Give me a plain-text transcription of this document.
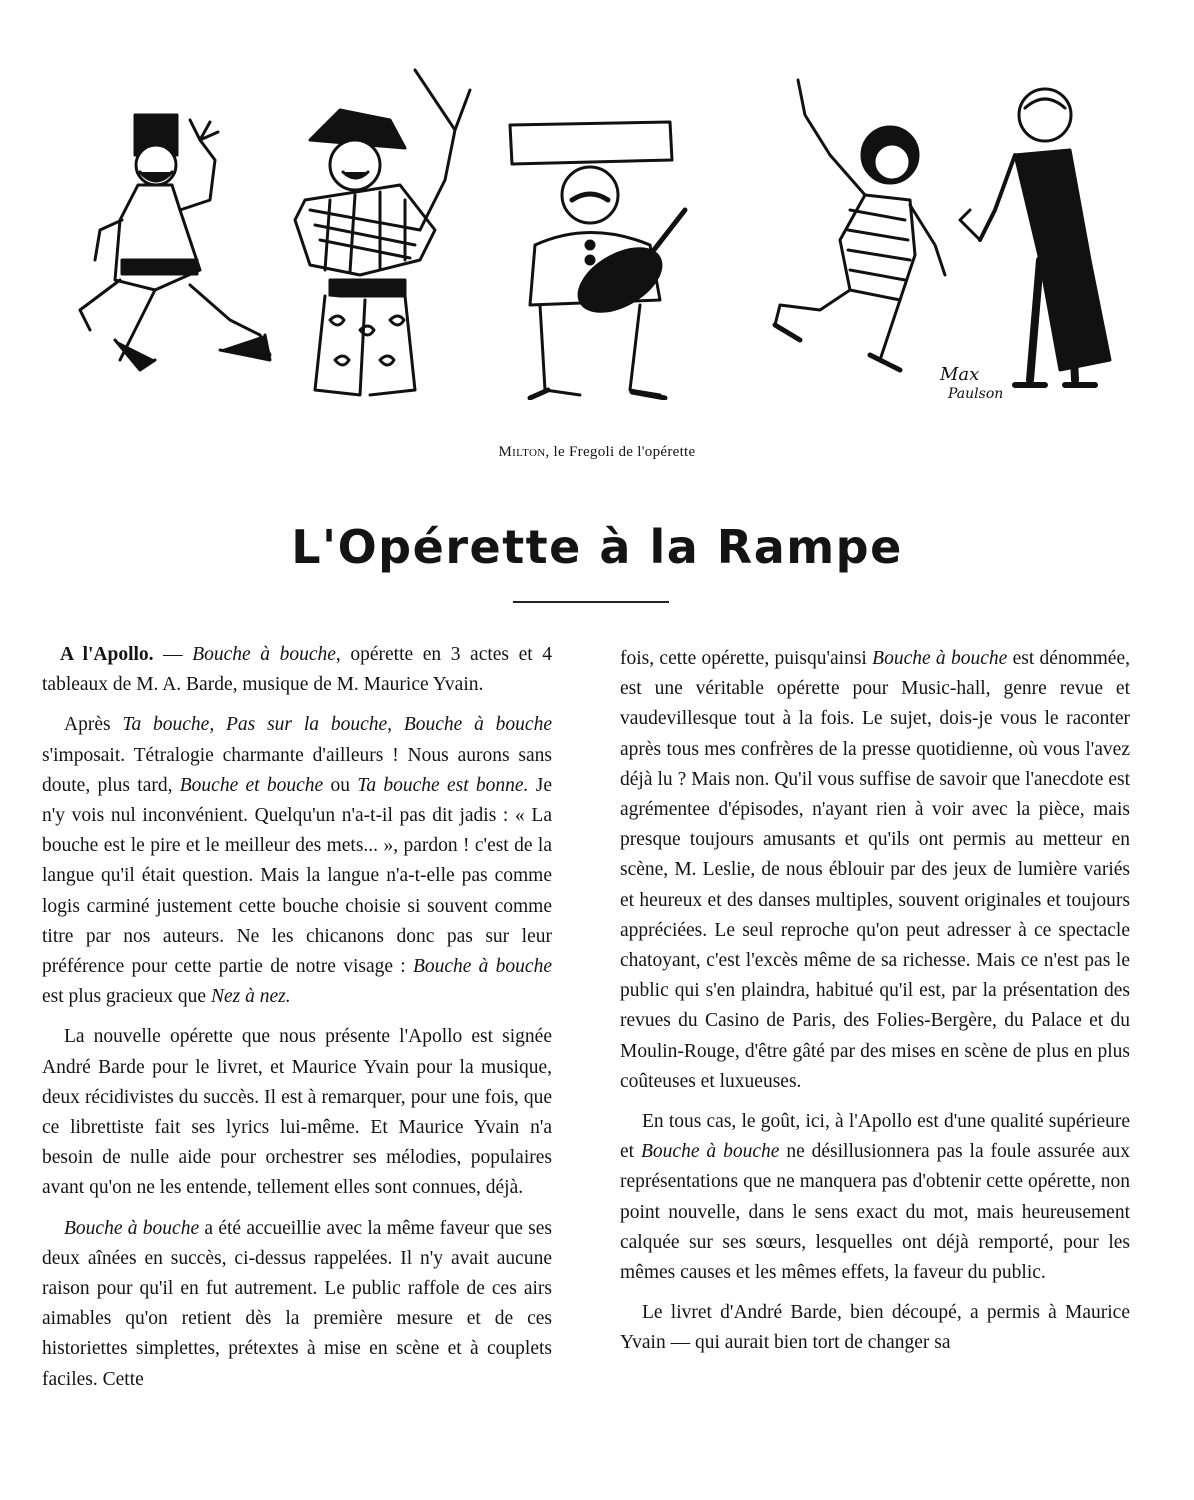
Max
Paulson
Milton, le Fregoli de l'opérette
L'Opérette à la Rampe

A l'Apollo. — Bouche à bouche, opérette en 3 actes et 4 tableaux de M. A. Barde, musique de M. Maurice Yvain.

Après Ta bouche, Pas sur la bouche, Bouche à bouche s'imposait. Tétralogie charmante d'ailleurs ! Nous aurons sans doute, plus tard, Bouche et bouche ou Ta bouche est bonne. Je n'y vois nul inconvénient. Quelqu'un n'a-t-il pas dit jadis : « La bouche est le pire et le meilleur des mets... », pardon ! c'est de la langue qu'il était question. Mais la langue n'a-t-elle pas comme logis carminé justement cette bouche choisie si souvent comme titre par nos auteurs. Ne les chicanons donc pas sur leur préférence pour cette partie de notre visage : Bouche à bouche est plus gracieux que Nez à nez.

La nouvelle opérette que nous présente l'Apollo est signée André Barde pour le livret, et Maurice Yvain pour la musique, deux récidivistes du succès. Il est à remarquer, pour une fois, que ce librettiste fait ses lyrics lui-même. Et Maurice Yvain n'a besoin de nulle aide pour orchestrer ses mélodies, populaires avant qu'on ne les entende, tellement elles sont connues, déjà.

Bouche à bouche a été accueillie avec la même faveur que ses deux aînées en succès, ci-dessus rappelées. Il n'y avait aucune raison pour qu'il en fut autrement. Le public raffole de ces airs aimables qu'on retient dès la première mesure et de ces historiettes simplettes, prétextes à mise en scène et à couplets faciles. Cette

fois, cette opérette, puisqu'ainsi Bouche à bouche est dénommée, est une véritable opérette pour Music-hall, genre revue et vaudevillesque tout à la fois. Le sujet, dois-je vous le raconter après tous mes confrères de la presse quotidienne, où vous l'avez déjà lu ? Mais non. Qu'il vous suffise de savoir que l'anecdote est agrémentee d'épisodes, n'ayant rien à voir avec la pièce, mais presque toujours amusants et qu'ils ont permis au metteur en scène, M. Leslie, de nous éblouir par des jeux de lumière variés et heureux et des danses multiples, souvent originales et toujours appréciées. Le seul reproche qu'on peut adresser à ce spectacle chatoyant, c'est l'excès même de sa richesse. Mais ce n'est pas le public qui s'en plaindra, habitué qu'il est, par la présentation des revues du Casino de Paris, des Folies-Bergère, du Palace et du Moulin-Rouge, d'être gâté par des mises en scène de plus en plus coûteuses et luxueuses.

En tous cas, le goût, ici, à l'Apollo est d'une qualité supérieure et Bouche à bouche ne désillusionnera pas la foule assurée aux représentations que ne manquera pas d'obtenir cette opérette, non point nouvelle, dans le sens exact du mot, mais heureusement calquée sur ses sœurs, lesquelles ont déjà remporté, pour les mêmes causes et les mêmes effets, la faveur du public.

Le livret d'André Barde, bien découpé, a permis à Maurice Yvain — qui aurait bien tort de changer sa
